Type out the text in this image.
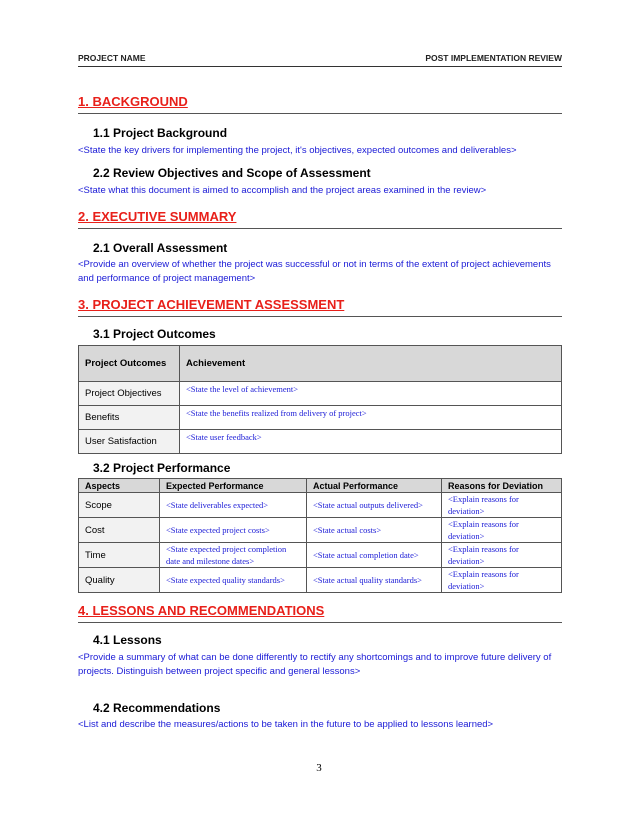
PROJECT NAME	POST IMPLEMENTATION REVIEW
1. BACKGROUND
1.1 Project Background
<State the key drivers for implementing the project, it's objectives, expected outcomes and deliverables>
2.2 Review Objectives and Scope of Assessment
<State what this document is aimed to accomplish and the project areas examined in the review>
2. EXECUTIVE SUMMARY
2.1 Overall Assessment
<Provide an overview of whether the project was successful or not in terms of the extent of project achievements and performance of project management>
3. PROJECT ACHIEVEMENT ASSESSMENT
3.1 Project Outcomes
Project Outcomes	Achievement
Project Objectives	<State the level of achievement>
Benefits	<State the benefits realized from delivery of project>
User Satisfaction	<State user feedback>
3.2 Project Performance
Aspects	Expected Performance	Actual Performance	Reasons for Deviation
Scope	<State deliverables expected>	<State actual outputs delivered>	<Explain reasons for deviation>
Cost	<State expected project costs>	<State actual costs>	<Explain reasons for deviation>
Time	<State expected project completion date and milestone dates>	<State actual completion date>	<Explain reasons for deviation>
Quality	<State expected quality standards>	<State actual quality standards>	<Explain reasons for deviation>
4. LESSONS AND RECOMMENDATIONS
4.1 Lessons
<Provide a summary of what can be done differently to rectify any shortcomings and to improve future delivery of projects. Distinguish between project specific and general lessons>
4.2 Recommendations
<List and describe the measures/actions to be taken in the future to be applied to lessons learned>
3
